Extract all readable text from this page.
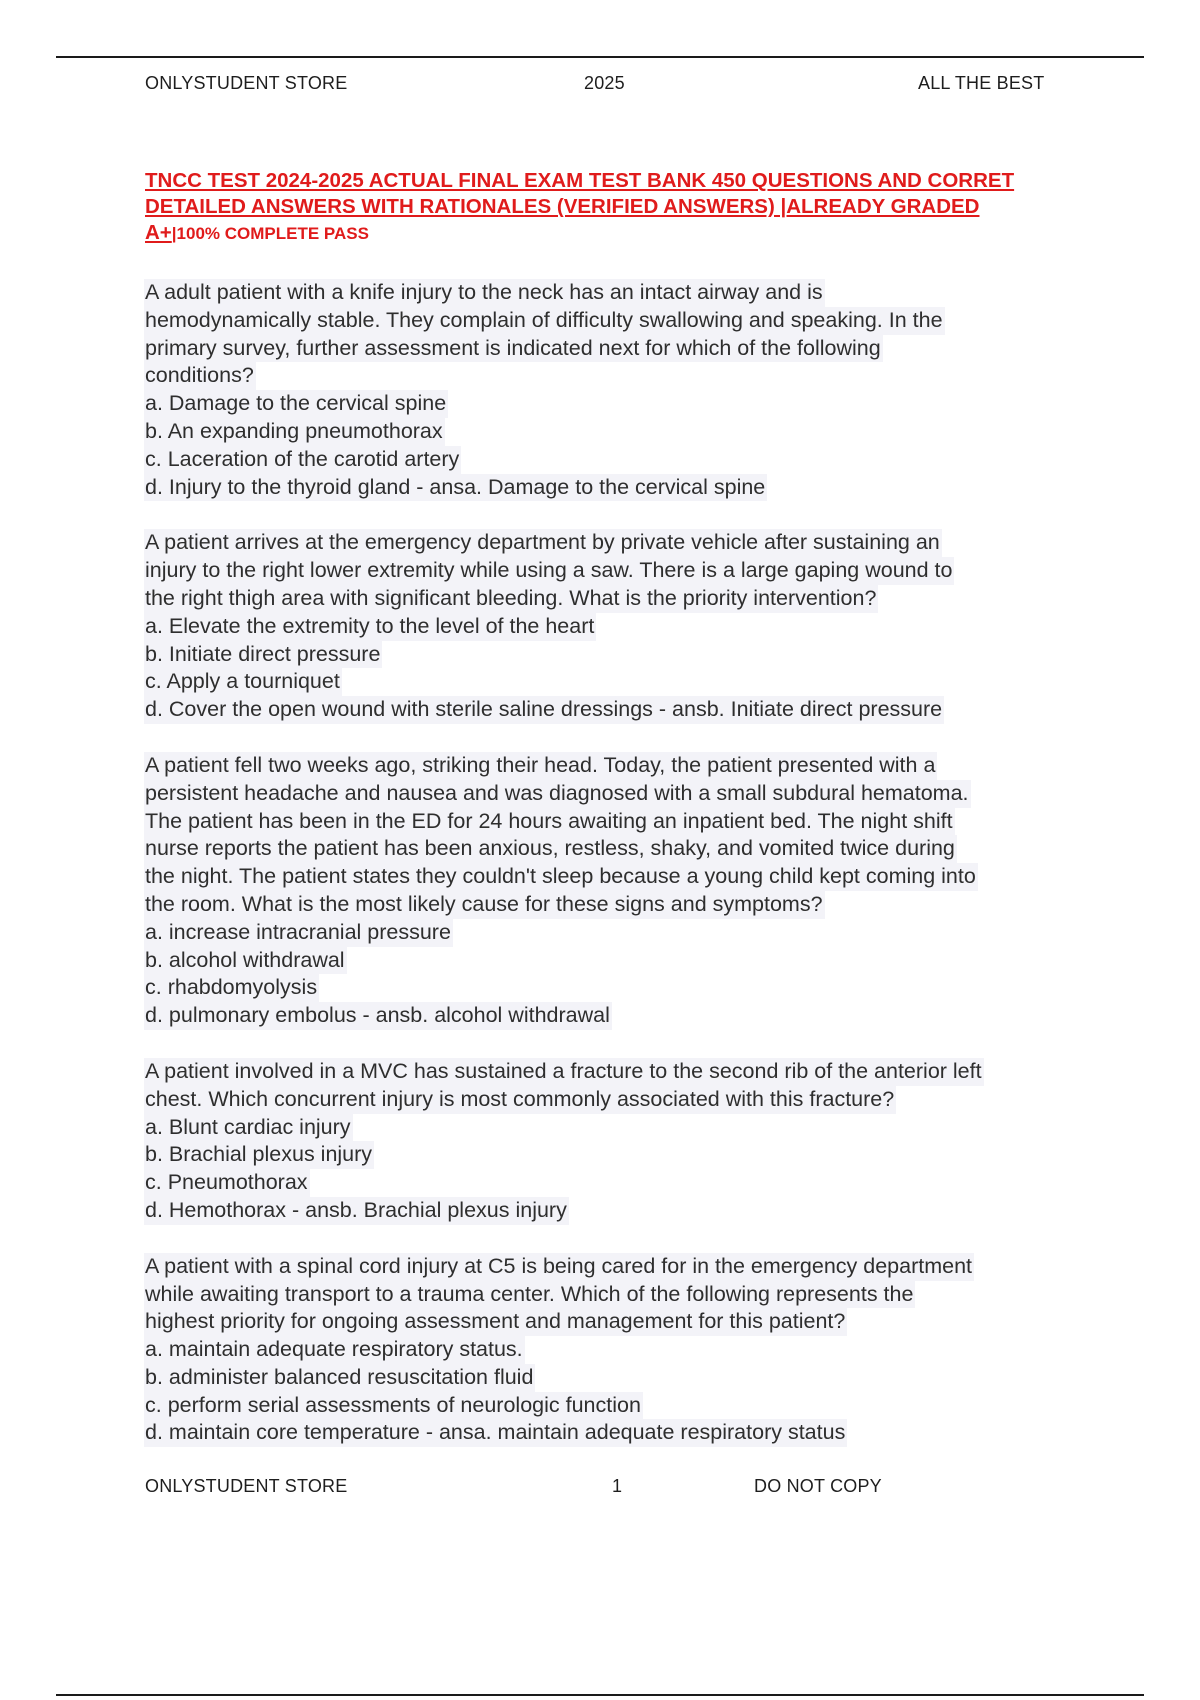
ONLYSTUDENT STORE	2025	ALL THE BEST
TNCC TEST 2024-2025 ACTUAL FINAL EXAM TEST BANK 450 QUESTIONS AND CORRET
DETAILED ANSWERS WITH RATIONALES (VERIFIED ANSWERS) |ALREADY GRADED
A+|100% COMPLETE PASS
A adult patient with a knife injury to the neck has an intact airway and is
hemodynamically stable. They complain of difficulty swallowing and speaking. In the
primary survey, further assessment is indicated next for which of the following
conditions?
a. Damage to the cervical spine
b. An expanding pneumothorax
c. Laceration of the carotid artery
d. Injury to the thyroid gland - ansa. Damage to the cervical spine
A patient arrives at the emergency department by private vehicle after sustaining an
injury to the right lower extremity while using a saw. There is a large gaping wound to
the right thigh area with significant bleeding. What is the priority intervention?
a. Elevate the extremity to the level of the heart
b. Initiate direct pressure
c. Apply a tourniquet
d. Cover the open wound with sterile saline dressings - ansb. Initiate direct pressure
A patient fell two weeks ago, striking their head. Today, the patient presented with a
persistent headache and nausea and was diagnosed with a small subdural hematoma.
The patient has been in the ED for 24 hours awaiting an inpatient bed. The night shift
nurse reports the patient has been anxious, restless, shaky, and vomited twice during
the night. The patient states they couldn't sleep because a young child kept coming into
the room. What is the most likely cause for these signs and symptoms?
a. increase intracranial pressure
b. alcohol withdrawal
c. rhabdomyolysis
d. pulmonary embolus - ansb. alcohol withdrawal
A patient involved in a MVC has sustained a fracture to the second rib of the anterior left
chest. Which concurrent injury is most commonly associated with this fracture?
a. Blunt cardiac injury
b. Brachial plexus injury
c. Pneumothorax
d. Hemothorax - ansb. Brachial plexus injury
A patient with a spinal cord injury at C5 is being cared for in the emergency department
while awaiting transport to a trauma center. Which of the following represents the
highest priority for ongoing assessment and management for this patient?
a. maintain adequate respiratory status.
b. administer balanced resuscitation fluid
c. perform serial assessments of neurologic function
d. maintain core temperature - ansa. maintain adequate respiratory status
ONLYSTUDENT STORE	1	DO NOT COPY
